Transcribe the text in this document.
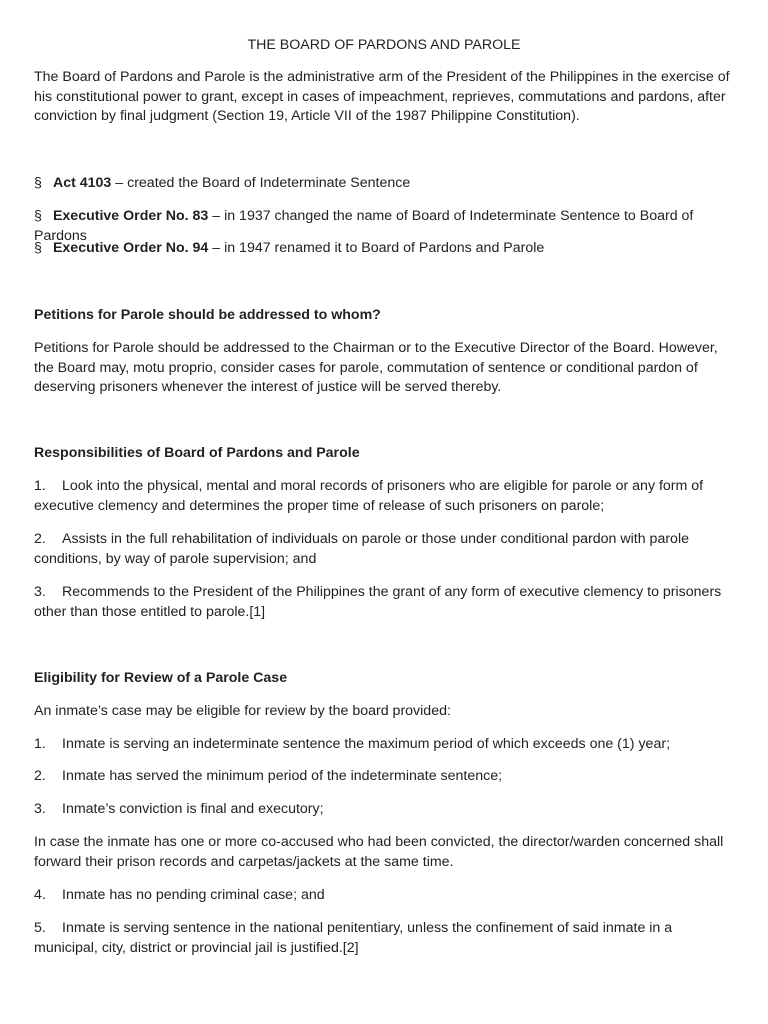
THE BOARD OF PARDONS AND PAROLE

The Board of Pardons and Parole is the administrative arm of the President of the Philippines in the exercise of his constitutional power to grant, except in cases of impeachment, reprieves, commutations and pardons, after conviction by final judgment (Section 19, Article VII of the 1987 Philippine Constitution).

§ Act 4103 – created the Board of Indeterminate Sentence

§ Executive Order No. 83 – in 1937 changed the name of Board of Indeterminate Sentence to Board of Pardons

§ Executive Order No. 94 – in 1947 renamed it to Board of Pardons and Parole

Petitions for Parole should be addressed to whom?

Petitions for Parole should be addressed to the Chairman or to the Executive Director of the Board. However, the Board may, motu proprio, consider cases for parole, commutation of sentence or conditional pardon of deserving prisoners whenever the interest of justice will be served thereby.

Responsibilities of Board of Pardons and Parole

1. Look into the physical, mental and moral records of prisoners who are eligible for parole or any form of executive clemency and determines the proper time of release of such prisoners on parole;

2. Assists in the full rehabilitation of individuals on parole or those under conditional pardon with parole conditions, by way of parole supervision; and

3. Recommends to the President of the Philippines the grant of any form of executive clemency to prisoners other than those entitled to parole.[1]

Eligibility for Review of a Parole Case

An inmate’s case may be eligible for review by the board provided:

1. Inmate is serving an indeterminate sentence the maximum period of which exceeds one (1) year;

2. Inmate has served the minimum period of the indeterminate sentence;

3. Inmate’s conviction is final and executory;

In case the inmate has one or more co-accused who had been convicted, the director/warden concerned shall forward their prison records and carpetas/jackets at the same time.

4. Inmate has no pending criminal case; and

5. Inmate is serving sentence in the national penitentiary, unless the confinement of said inmate in a municipal, city, district or provincial jail is justified.[2]
